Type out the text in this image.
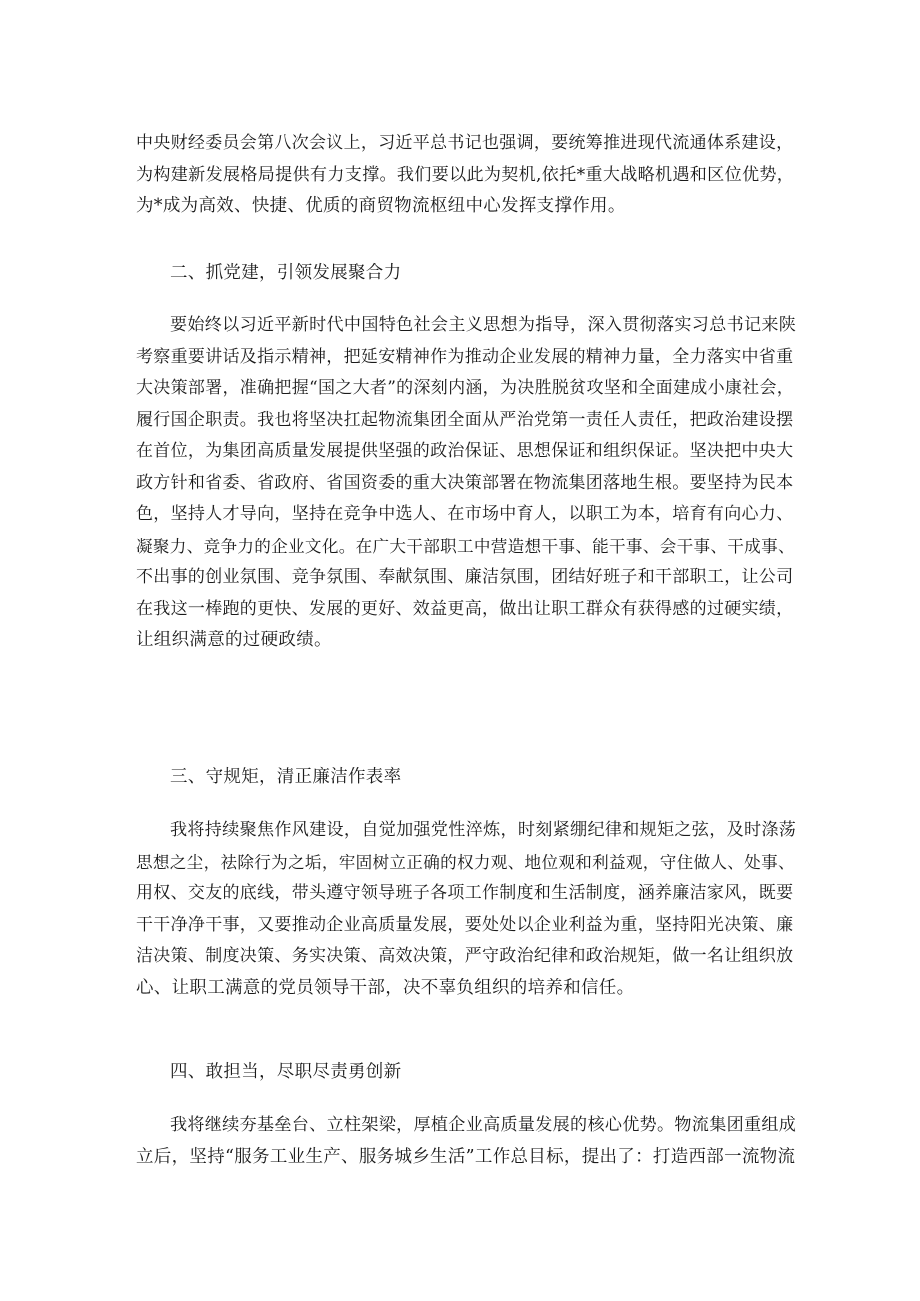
中央财经委员会第八次会议上，习近平总书记也强调，要统筹推进现代流通体系建设，
为构建新发展格局提供有力支撑。我们要以此为契机,依托*重大战略机遇和区位优势，
为*成为高效、快捷、优质的商贸物流枢纽中心发挥支撑作用。
二、抓党建，引领发展聚合力
要始终以习近平新时代中国特色社会主义思想为指导，深入贯彻落实习总书记来陕
考察重要讲话及指示精神，把延安精神作为推动企业发展的精神力量，全力落实中省重
大决策部署，准确把握“国之大者”的深刻内涵，为决胜脱贫攻坚和全面建成小康社会，
履行国企职责。我也将坚决扛起物流集团全面从严治党第一责任人责任，把政治建设摆
在首位，为集团高质量发展提供坚强的政治保证、思想保证和组织保证。坚决把中央大
政方针和省委、省政府、省国资委的重大决策部署在物流集团落地生根。要坚持为民本
色，坚持人才导向，坚持在竞争中选人、在市场中育人，以职工为本，培育有向心力、
凝聚力、竞争力的企业文化。在广大干部职工中营造想干事、能干事、会干事、干成事、
不出事的创业氛围、竞争氛围、奉献氛围、廉洁氛围，团结好班子和干部职工，让公司
在我这一棒跑的更快、发展的更好、效益更高，做出让职工群众有获得感的过硬实绩，
让组织满意的过硬政绩。
三、守规矩，清正廉洁作表率
我将持续聚焦作风建设，自觉加强党性淬炼，时刻紧绷纪律和规矩之弦，及时涤荡
思想之尘，祛除行为之垢，牢固树立正确的权力观、地位观和利益观，守住做人、处事、
用权、交友的底线，带头遵守领导班子各项工作制度和生活制度，涵养廉洁家风，既要
干干净净干事，又要推动企业高质量发展，要处处以企业利益为重，坚持阳光决策、廉
洁决策、制度决策、务实决策、高效决策，严守政治纪律和政治规矩，做一名让组织放
心、让职工满意的党员领导干部，决不辜负组织的培养和信任。
四、敢担当，尽职尽责勇创新
我将继续夯基垒台、立柱架梁，厚植企业高质量发展的核心优势。物流集团重组成
立后，坚持“服务工业生产、服务城乡生活”工作总目标，提出了：打造西部一流物流
